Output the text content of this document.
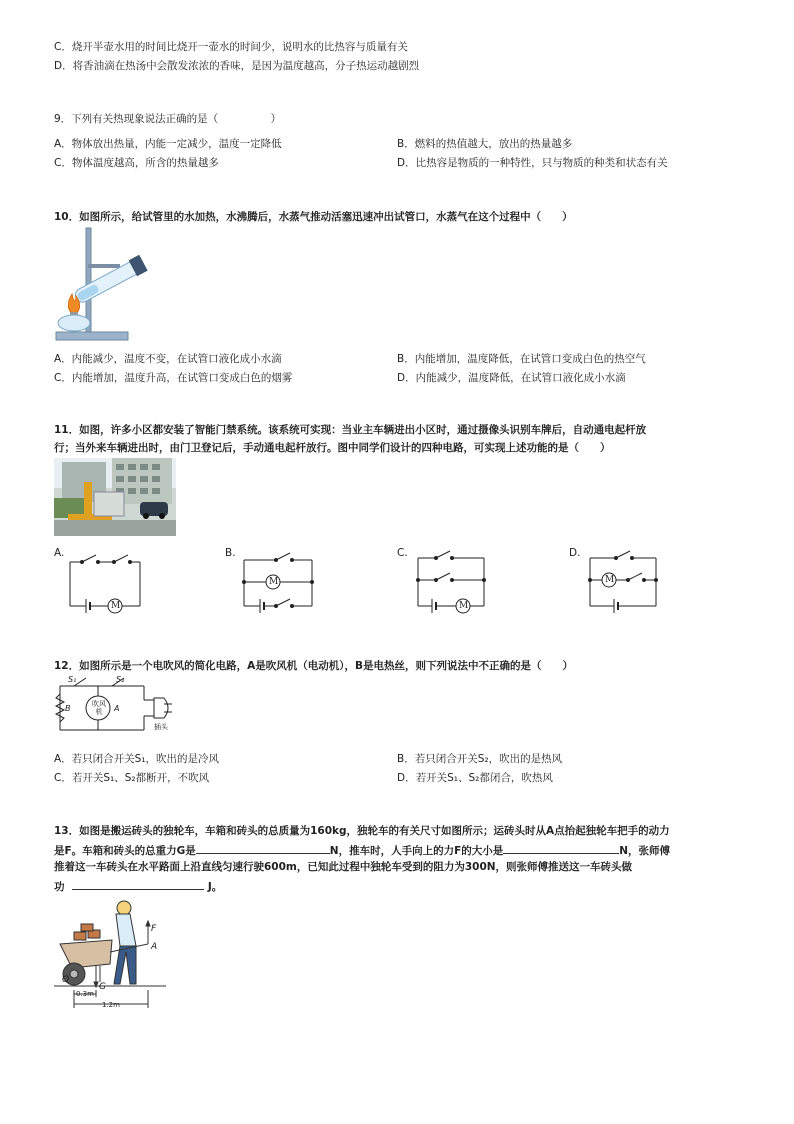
C．烧开半壶水用的时间比烧开一壶水的时间少，说明水的比热容与质量有关
D．将香油滴在热汤中会散发浓浓的香味，是因为温度越高，分子热运动越剧烈
9．下列有关热现象说法正确的是（　　　　　）
A．物体放出热量，内能一定减少，温度一定降低	B．燃料的热值越大，放出的热量越多
C．物体温度越高，所含的热量越多	D．比热容是物质的一种特性，只与物质的种类和状态有关
10．如图所示，给试管里的水加热，水沸腾后，水蒸气推动活塞迅速冲出试管口，水蒸气在这个过程中（　　）
A．内能减少，温度不变，在试管口液化成小水滴	B．内能增加，温度降低，在试管口变成白色的热空气
C．内能增加，温度升高，在试管口变成白色的烟雾	D．内能减少，温度降低，在试管口液化成小水滴
11．如图，许多小区都安装了智能门禁系统。该系统可实现：当业主车辆进出小区时，通过摄像头识别车牌后，自动通电起杆放
行；当外来车辆进出时，由门卫登记后，手动通电起杆放行。图中同学们设计的四种电路，可实现上述功能的是（　　）
A.
M
B.
M
C.
M
D.
M
12．如图所示是一个电吹风的简化电路，A是吹风机（电动机），B是电热丝，则下列说法中不正确的是（　　）
S₁	S₂
B	吹风机	A
插头
A．若只闭合开关S₁，吹出的是冷风	B．若只闭合开关S₂，吹出的是热风
C．若开关S₁、S₂都断开，不吹风	D．若开关S₁、S₂都闭合，吹热风
13．如图是搬运砖头的独轮车，车箱和砖头的总质量为160kg，独轮车的有关尺寸如图所示；运砖头时从A点抬起独轮车把手的动力
是F。车箱和砖头的总重力G是	N，推车时，人手向上的力F的大小是	N，张师傅
推着这一车砖头在水平路面上沿直线匀速行驶600m，已知此过程中独轮车受到的阻力为300N，则张师傅推送这一车砖头做
功	J。
O
G
F
A
0.3m
1.2m
